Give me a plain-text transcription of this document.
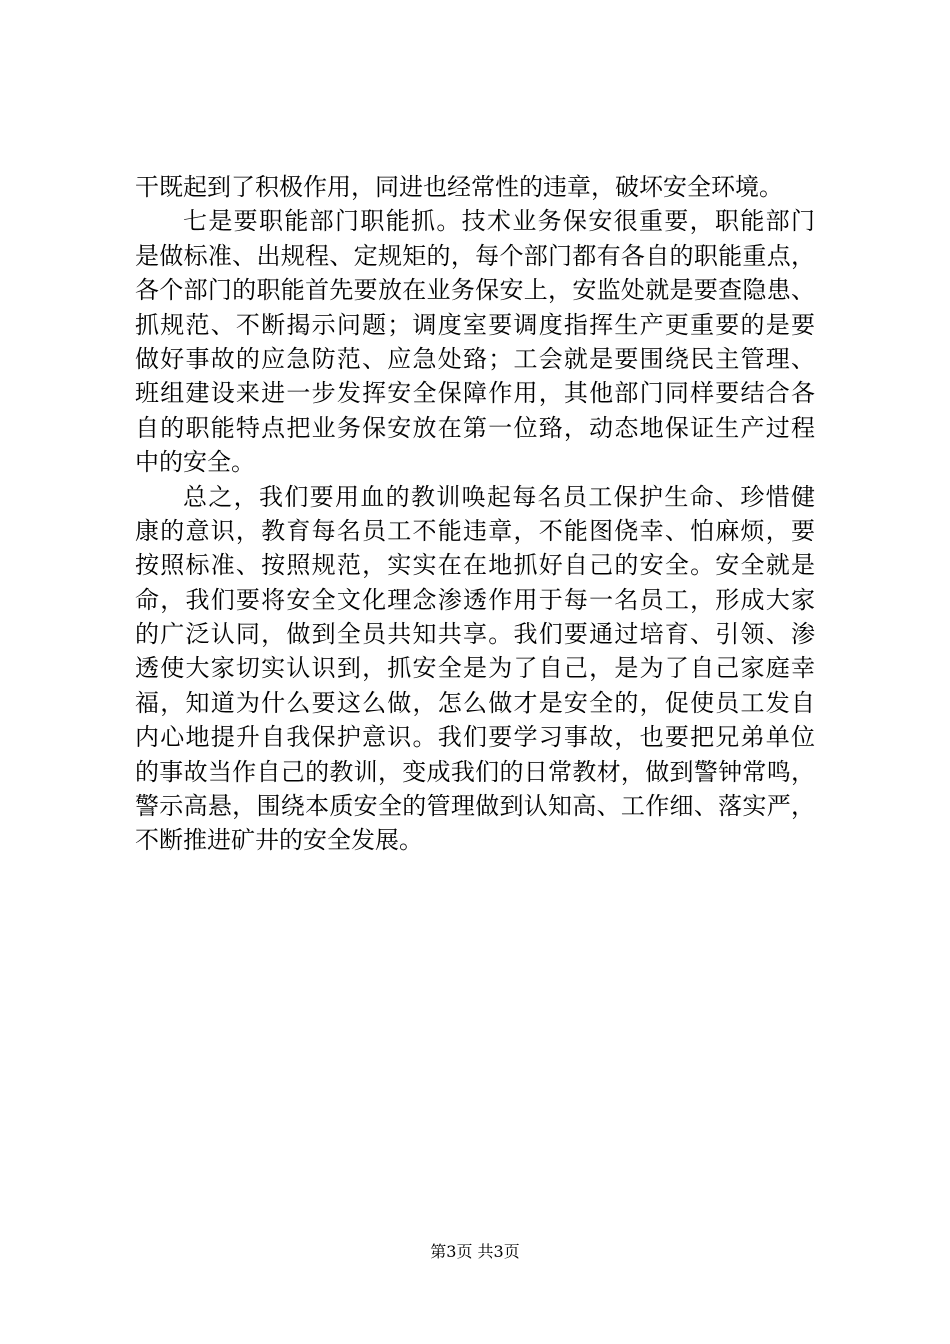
干既起到了积极作用，同进也经常性的违章，破坏安全环境。
七是要职能部门职能抓。技术业务保安很重要，职能部门
是做标准、出规程、定规矩的，每个部门都有各自的职能重点，
各个部门的职能首先要放在业务保安上，安监处就是要查隐患、
抓规范、不断揭示问题；调度室要调度指挥生产更重要的是要
做好事故的应急防范、应急处臵；工会就是要围绕民主管理、
班组建设来进一步发挥安全保障作用，其他部门同样要结合各
自的职能特点把业务保安放在第一位臵，动态地保证生产过程
中的安全。
总之，我们要用血的教训唤起每名员工保护生命、珍惜健
康的意识，教育每名员工不能违章，不能图侥幸、怕麻烦，要
按照标准、按照规范，实实在在地抓好自己的安全。安全就是
命，我们要将安全文化理念渗透作用于每一名员工，形成大家
的广泛认同，做到全员共知共享。我们要通过培育、引领、渗
透使大家切实认识到，抓安全是为了自己，是为了自己家庭幸
福，知道为什么要这么做，怎么做才是安全的，促使员工发自
内心地提升自我保护意识。我们要学习事故，也要把兄弟单位
的事故当作自己的教训，变成我们的日常教材，做到警钟常鸣，
警示高悬，围绕本质安全的管理做到认知高、工作细、落实严，
不断推进矿井的安全发展。
第3页 共3页
